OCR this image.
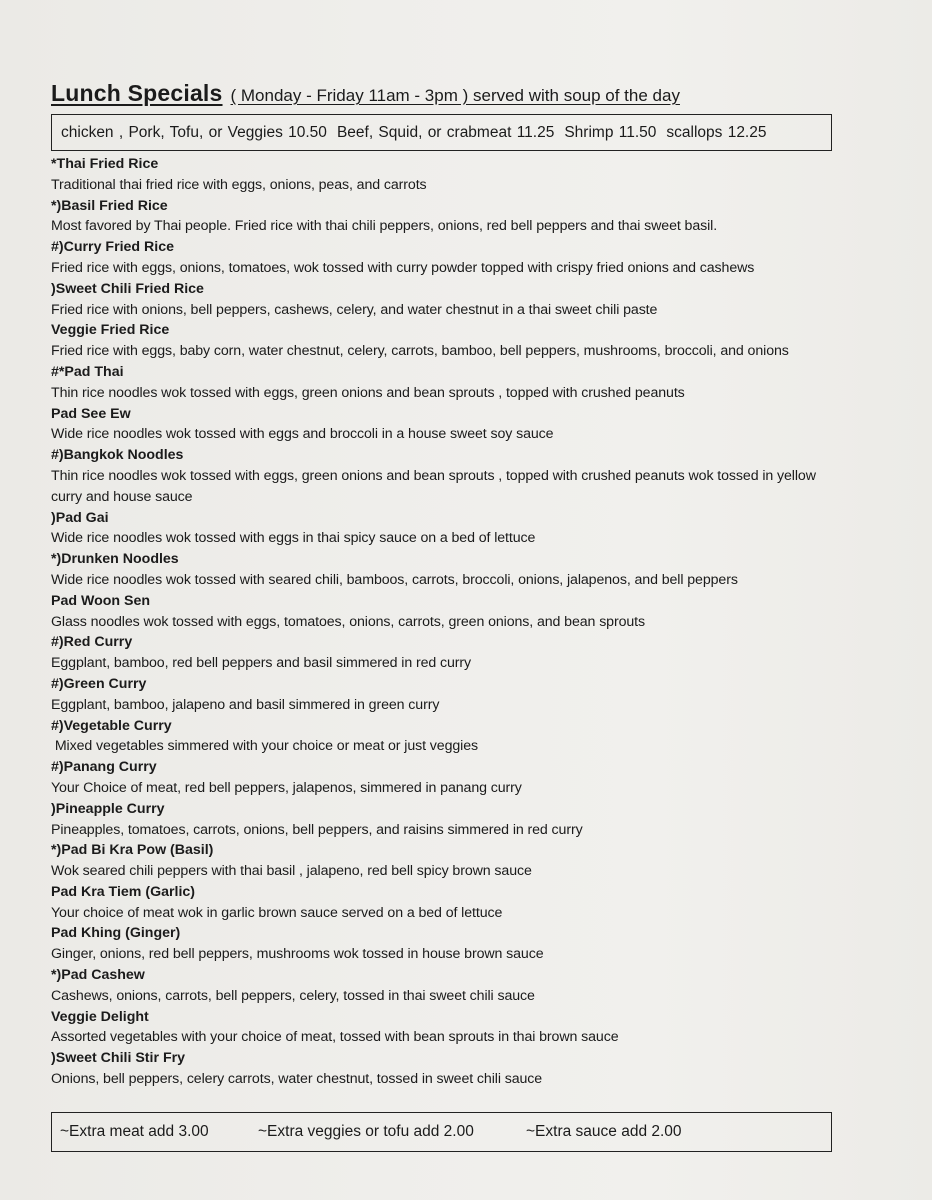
Lunch Specials ( Monday - Friday 11am - 3pm ) served with soup of the day
chicken , Pork, Tofu, or Veggies 10.50 Beef, Squid, or crabmeat 11.25 Shrimp 11.50 scallops 12.25
*Thai Fried Rice
Traditional thai fried rice with eggs, onions, peas, and carrots
*)Basil Fried Rice
Most favored by Thai people. Fried rice with thai chili peppers, onions, red bell peppers and thai sweet basil.
#)Curry Fried Rice
Fried rice with eggs, onions, tomatoes, wok tossed with curry powder topped with crispy fried onions and cashews
)Sweet Chili Fried Rice
Fried rice with onions, bell peppers, cashews, celery, and water chestnut in a thai sweet chili paste
Veggie Fried Rice
Fried rice with eggs, baby corn, water chestnut, celery, carrots, bamboo, bell peppers, mushrooms, broccoli, and onions
#*Pad Thai
Thin rice noodles wok tossed with eggs, green onions and bean sprouts , topped with crushed peanuts
Pad See Ew
Wide rice noodles wok tossed with eggs and broccoli in a house sweet soy sauce
#)Bangkok Noodles
Thin rice noodles wok tossed with eggs, green onions and bean sprouts , topped with crushed peanuts wok tossed in yellow curry and house sauce
)Pad Gai
Wide rice noodles wok tossed with eggs in thai spicy sauce on a bed of lettuce
*)Drunken Noodles
Wide rice noodles wok tossed with seared chili, bamboos, carrots, broccoli, onions, jalapenos, and bell peppers
Pad Woon Sen
Glass noodles wok tossed with eggs, tomatoes, onions, carrots, green onions, and bean sprouts
#)Red Curry
Eggplant, bamboo, red bell peppers and basil simmered in red curry
#)Green Curry
Eggplant, bamboo, jalapeno and basil simmered in green curry
#)Vegetable Curry
Mixed vegetables simmered with your choice or meat or just veggies
#)Panang Curry
Your Choice of meat, red bell peppers, jalapenos, simmered in panang curry
)Pineapple Curry
Pineapples, tomatoes, carrots, onions, bell peppers, and raisins simmered in red curry
*)Pad Bi Kra Pow (Basil)
Wok seared chili peppers with thai basil , jalapeno, red bell spicy brown sauce
Pad Kra Tiem (Garlic)
Your choice of meat wok in garlic brown sauce served on a bed of lettuce
Pad Khing (Ginger)
Ginger, onions, red bell peppers, mushrooms wok tossed in house brown sauce
*)Pad Cashew
Cashews, onions, carrots, bell peppers, celery, tossed in thai sweet chili sauce
Veggie Delight
Assorted vegetables with your choice of meat, tossed with bean sprouts in thai brown sauce
)Sweet Chili Stir Fry
Onions, bell peppers, celery carrots, water chestnut, tossed in sweet chili sauce
~Extra meat add 3.00	~Extra veggies or tofu add 2.00	~Extra sauce add 2.00
